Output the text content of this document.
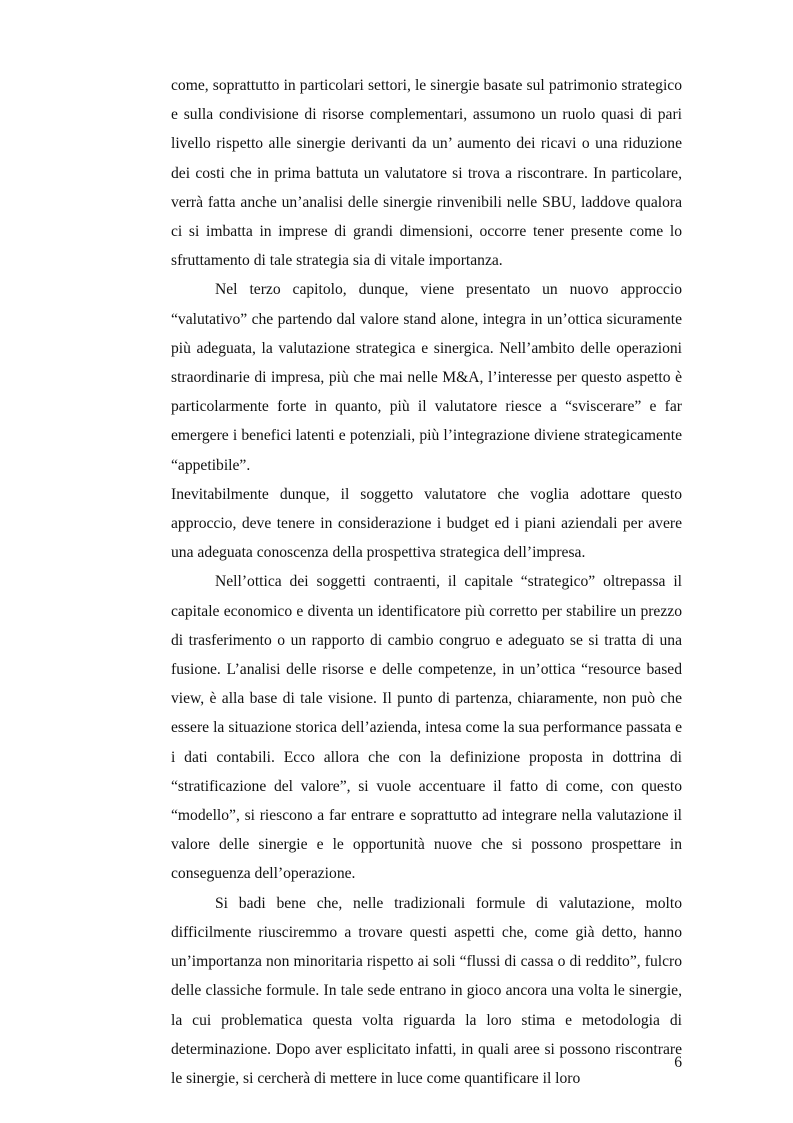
come, soprattutto in particolari settori, le sinergie basate sul patrimonio strategico e sulla condivisione di risorse complementari, assumono un ruolo quasi di pari livello rispetto alle sinergie derivanti da un’ aumento dei ricavi o una riduzione dei costi che in prima battuta un valutatore si trova a riscontrare. In particolare, verrà fatta anche un’analisi delle sinergie rinvenibili nelle SBU, laddove qualora ci si imbatta in imprese di grandi dimensioni, occorre tener presente come lo sfruttamento di tale strategia sia di vitale importanza.

Nel terzo capitolo, dunque, viene presentato un nuovo approccio “valutativo” che partendo dal valore stand alone, integra in un’ottica sicuramente più adeguata, la valutazione strategica e sinergica. Nell’ambito delle operazioni straordinarie di impresa, più che mai nelle M&A, l’interesse per questo aspetto è particolarmente forte in quanto, più il valutatore riesce a “sviscerare” e far emergere i benefici latenti e potenziali, più l’integrazione diviene strategicamente “appetibile”.

Inevitabilmente dunque, il soggetto valutatore che voglia adottare questo approccio, deve tenere in considerazione i budget ed i piani aziendali per avere una adeguata conoscenza della prospettiva strategica dell’impresa.

Nell’ottica dei soggetti contraenti, il capitale “strategico” oltrepassa il capitale economico e diventa un identificatore più corretto per stabilire un prezzo di trasferimento o un rapporto di cambio congruo e adeguato se si tratta di una fusione. L’analisi delle risorse e delle competenze, in un’ottica “resource based view, è alla base di tale visione. Il punto di partenza, chiaramente, non può che essere la situazione storica dell’azienda, intesa come la sua performance passata e i dati contabili. Ecco allora che con la definizione proposta in dottrina di “stratificazione del valore”, si vuole accentuare il fatto di come, con questo “modello”, si riescono a far entrare e soprattutto ad integrare nella valutazione il valore delle sinergie e le opportunità nuove che si possono prospettare in conseguenza dell’operazione.

Si badi bene che, nelle tradizionali formule di valutazione, molto difficilmente riusciremmo a trovare questi aspetti che, come già detto, hanno un’importanza non minoritaria rispetto ai soli “flussi di cassa o di reddito”, fulcro delle classiche formule. In tale sede entrano in gioco ancora una volta le sinergie, la cui problematica questa volta riguarda la loro stima e metodologia di determinazione. Dopo aver esplicitato infatti, in quali aree si possono riscontrare le sinergie, si cercherà di mettere in luce come quantificare il loro

6
